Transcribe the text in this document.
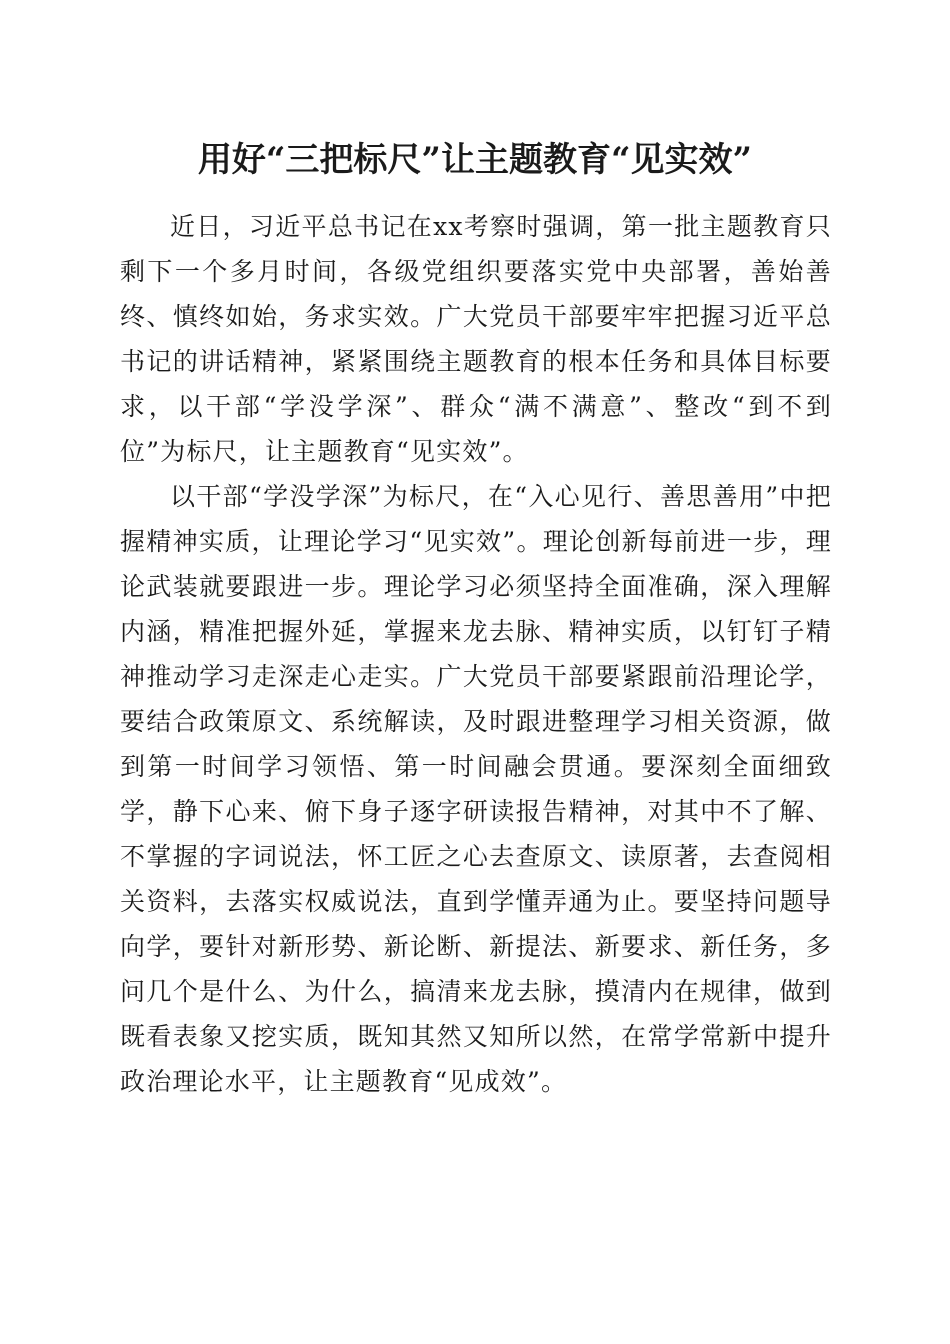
用好“三把标尺”让主题教育“见实效”

近日，习近平总书记在xx考察时强调，第一批主题教育只剩下一个多月时间，各级党组织要落实党中央部署，善始善终、慎终如始，务求实效。广大党员干部要牢牢把握习近平总书记的讲话精神，紧紧围绕主题教育的根本任务和具体目标要求，以干部“学没学深”、群众“满不满意”、整改“到不到位”为标尺，让主题教育“见实效”。

以干部“学没学深”为标尺，在“入心见行、善思善用”中把握精神实质，让理论学习“见实效”。理论创新每前进一步，理论武装就要跟进一步。理论学习必须坚持全面准确，深入理解内涵，精准把握外延，掌握来龙去脉、精神实质，以钉钉子精神推动学习走深走心走实。广大党员干部要紧跟前沿理论学，要结合政策原文、系统解读，及时跟进整理学习相关资源，做到第一时间学习领悟、第一时间融会贯通。要深刻全面细致学，静下心来、俯下身子逐字研读报告精神，对其中不了解、不掌握的字词说法，怀工匠之心去查原文、读原著，去查阅相关资料，去落实权威说法，直到学懂弄通为止。要坚持问题导向学，要针对新形势、新论断、新提法、新要求、新任务，多问几个是什么、为什么，搞清来龙去脉，摸清内在规律，做到既看表象又挖实质，既知其然又知所以然，在常学常新中提升政治理论水平，让主题教育“见成效”。
